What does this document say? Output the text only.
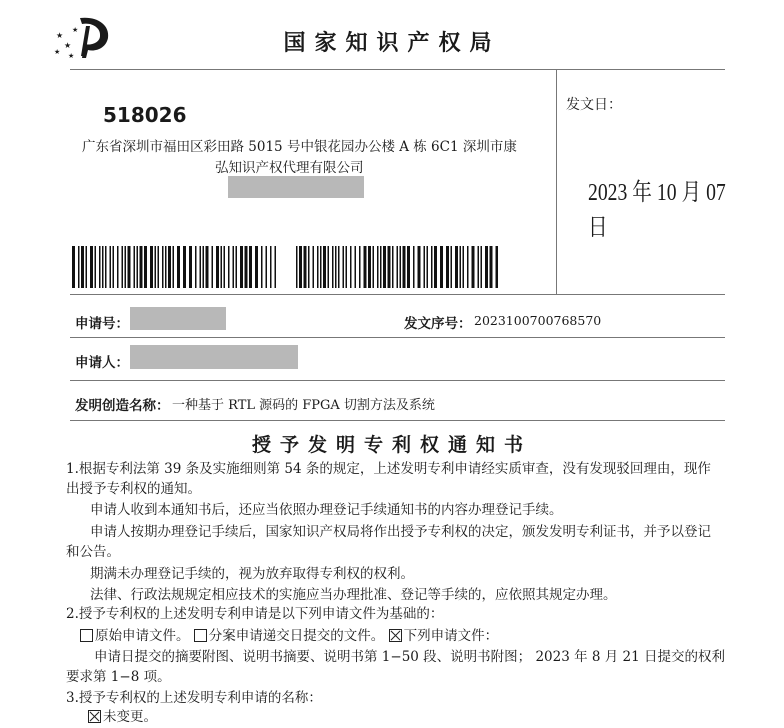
★
★
★ ★
★
国家知识产权局
518026
广东省深圳市福田区彩田路 5015 号中银花园办公楼 A 栋 6C1 深圳市康
弘知识产权代理有限公司
发文日：
2023 年 10 月 07 日
申请号：	发文序号： 2023100700768570
申请人：
发明创造名称： 一种基于 RTL 源码的 FPGA 切割方法及系统
授予发明专利权通知书
1.根据专利法第 39 条及实施细则第 54 条的规定，上述发明专利申请经实质审查，没有发现驳回理由，现作
出授予专利权的通知。
申请人收到本通知书后，还应当依照办理登记手续通知书的内容办理登记手续。
申请人按期办理登记手续后，国家知识产权局将作出授予专利权的决定，颁发发明专利证书，并予以登记
和公告。
期满未办理登记手续的，视为放弃取得专利权的权利。
法律、行政法规规定相应技术的实施应当办理批准、登记等手续的，应依照其规定办理。
2.授予专利权的上述发明专利申请是以下列申请文件为基础的：
原始申请文件。 分案申请递交日提交的文件。 下列申请文件：
申请日提交的摘要附图、说明书摘要、说明书第 1−50 段、说明书附图； 2023 年 8 月 21 日提交的权利
要求第 1−8 项。
3.授予专利权的上述发明专利申请的名称：
未变更。
